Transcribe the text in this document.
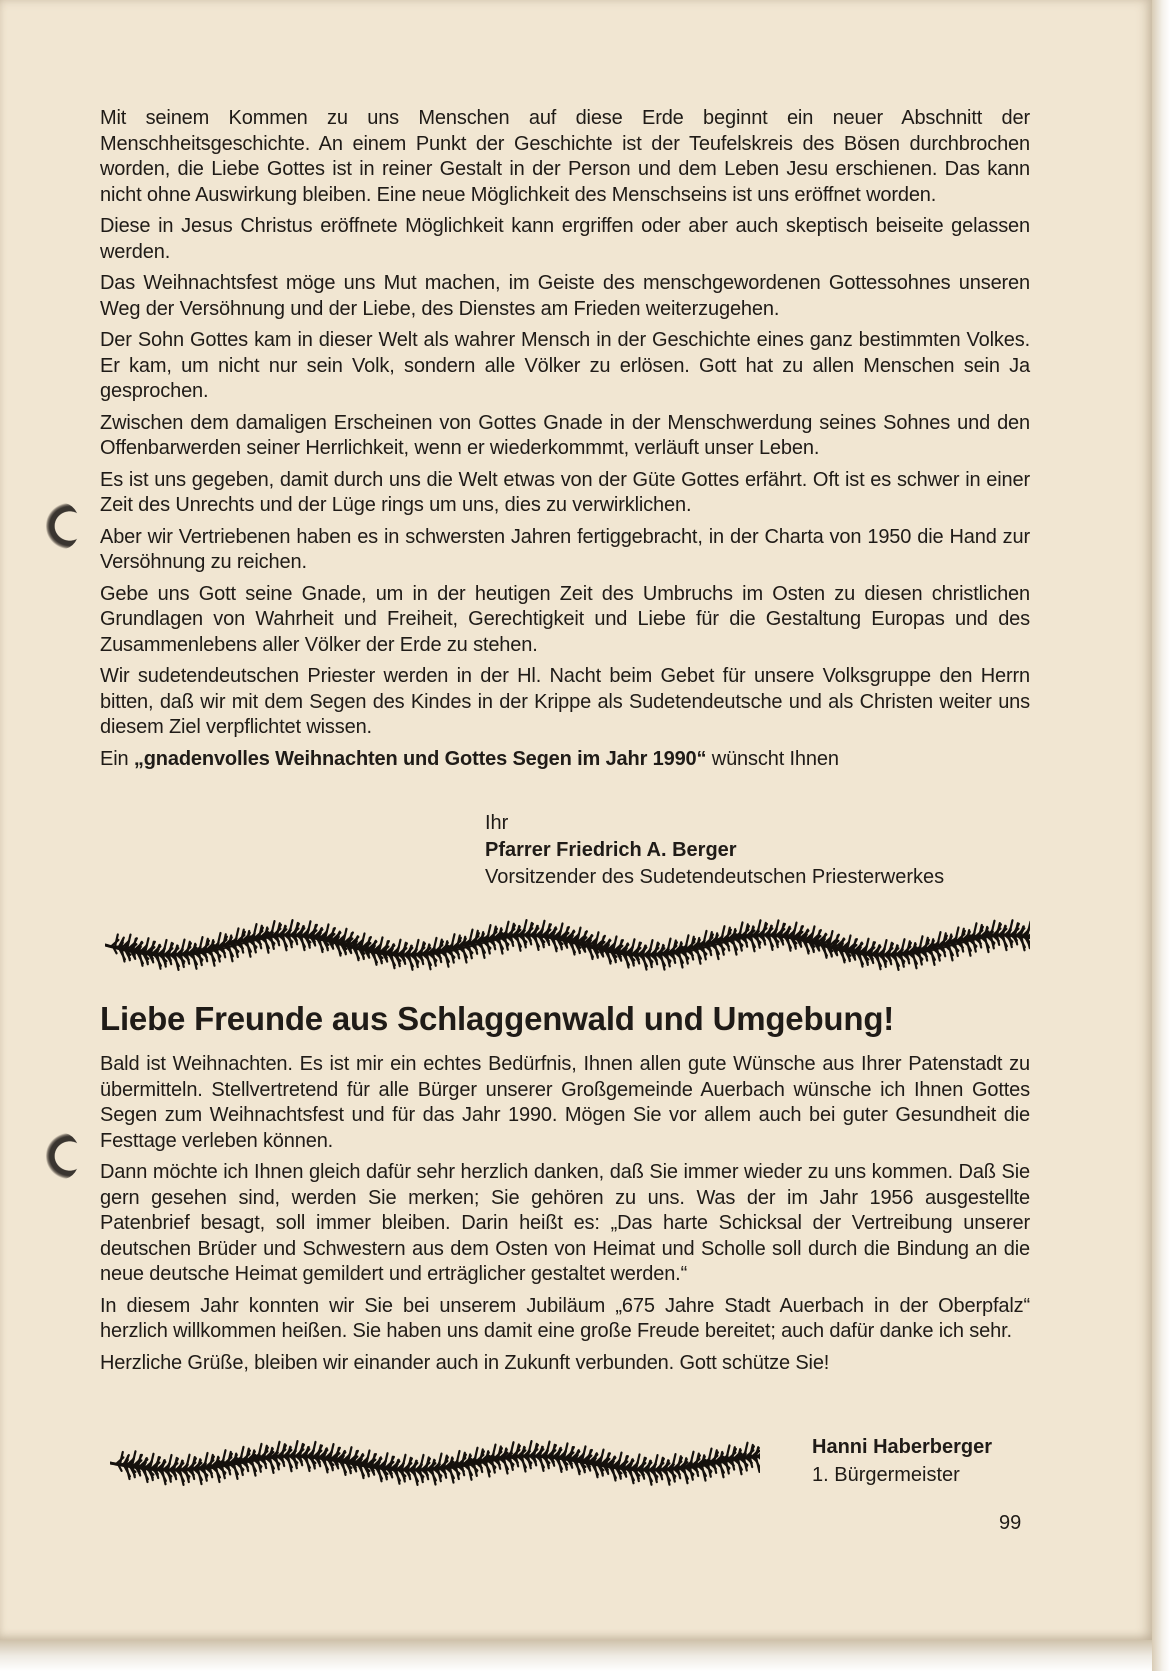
Mit seinem Kommen zu uns Menschen auf diese Erde beginnt ein neuer Abschnitt der Menschheitsgeschichte. An einem Punkt der Geschichte ist der Teufelskreis des Bösen durchbrochen worden, die Liebe Gottes ist in reiner Gestalt in der Person und dem Leben Jesu erschienen. Das kann nicht ohne Auswirkung bleiben. Eine neue Möglichkeit des Menschseins ist uns eröffnet worden.

Diese in Jesus Christus eröffnete Möglichkeit kann ergriffen oder aber auch skeptisch beiseite gelassen werden.

Das Weihnachtsfest möge uns Mut machen, im Geiste des menschgewordenen Gottessohnes unseren Weg der Versöhnung und der Liebe, des Dienstes am Frieden weiterzugehen.

Der Sohn Gottes kam in dieser Welt als wahrer Mensch in der Geschichte eines ganz bestimmten Volkes. Er kam, um nicht nur sein Volk, sondern alle Völker zu erlösen. Gott hat zu allen Menschen sein Ja gesprochen.

Zwischen dem damaligen Erscheinen von Gottes Gnade in der Menschwerdung seines Sohnes und den Offenbarwerden seiner Herrlichkeit, wenn er wiederkommmt, verläuft unser Leben.

Es ist uns gegeben, damit durch uns die Welt etwas von der Güte Gottes erfährt. Oft ist es schwer in einer Zeit des Unrechts und der Lüge rings um uns, dies zu verwirklichen.

Aber wir Vertriebenen haben es in schwersten Jahren fertiggebracht, in der Charta von 1950 die Hand zur Versöhnung zu reichen.

Gebe uns Gott seine Gnade, um in der heutigen Zeit des Umbruchs im Osten zu diesen christlichen Grundlagen von Wahrheit und Freiheit, Gerechtigkeit und Liebe für die Gestaltung Europas und des Zusammenlebens aller Völker der Erde zu stehen.

Wir sudetendeutschen Priester werden in der Hl. Nacht beim Gebet für unsere Volksgruppe den Herrn bitten, daß wir mit dem Segen des Kindes in der Krippe als Sudetendeutsche und als Christen weiter uns diesem Ziel verpflichtet wissen.

Ein „gnadenvolles Weihnachten und Gottes Segen im Jahr 1990“ wünscht Ihnen

Ihr
Pfarrer Friedrich A. Berger
Vorsitzender des Sudetendeutschen Priesterwerkes
Liebe Freunde aus Schlaggenwald und Umgebung!

Bald ist Weihnachten. Es ist mir ein echtes Bedürfnis, Ihnen allen gute Wünsche aus Ihrer Patenstadt zu übermitteln. Stellvertretend für alle Bürger unserer Großgemeinde Auerbach wünsche ich Ihnen Gottes Segen zum Weihnachtsfest und für das Jahr 1990. Mögen Sie vor allem auch bei guter Gesundheit die Festtage verleben können.

Dann möchte ich Ihnen gleich dafür sehr herzlich danken, daß Sie immer wieder zu uns kommen. Daß Sie gern gesehen sind, werden Sie merken; Sie gehören zu uns. Was der im Jahr 1956 ausgestellte Patenbrief besagt, soll immer bleiben. Darin heißt es: „Das harte Schicksal der Vertreibung unserer deutschen Brüder und Schwestern aus dem Osten von Heimat und Scholle soll durch die Bindung an die neue deutsche Heimat gemildert und erträglicher gestaltet werden.“

In diesem Jahr konnten wir Sie bei unserem Jubiläum „675 Jahre Stadt Auerbach in der Oberpfalz“ herzlich willkommen heißen. Sie haben uns damit eine große Freude bereitet; auch dafür danke ich sehr.

Herzliche Grüße, bleiben wir einander auch in Zukunft verbunden. Gott schütze Sie!

Hanni Haberberger
1. Bürgermeister
99
